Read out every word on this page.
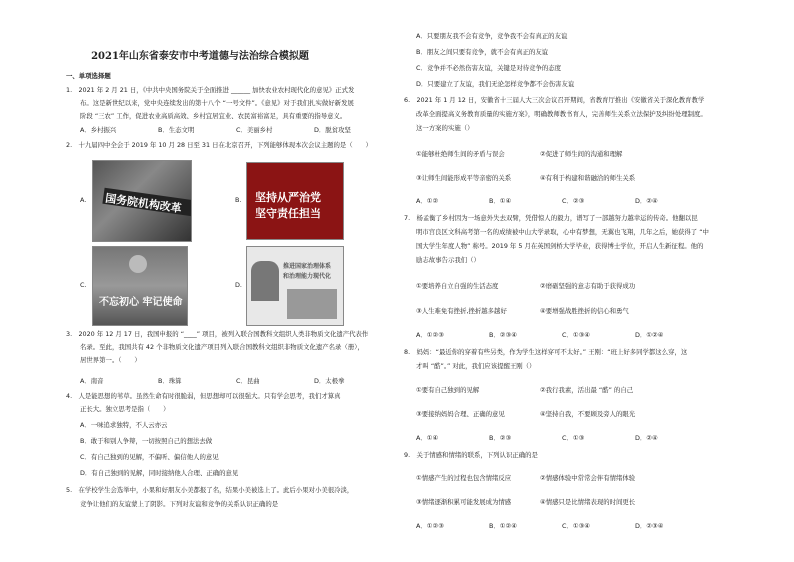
2021年山东省泰安市中考道德与法治综合模拟题
一、单项选择题
1.　2021 年 2 月 21 日，《中共中央国务院关于全面推进 ______ 加快农业农村现代化的意见》正式发
布。这是新世纪以来，党中央连续发出的第十八个 “一号文件”。《意见》对于我们扎实做好新发展
阶段 “三农” 工作，促进农业高质高效、乡村宜居宜业、农民富裕富足，具有重要的指导意义。
A．乡村振兴	B．生态文明	C．美丽乡村	D．脱贫攻坚
2.　十九届四中全会于 2019 年 10 月 28 日至 31 日在北京召开，下列能够体现本次会议主题的是（　　）
A. 国务院机构改革	B. 坚持从严治党
坚守责任担当
C.
不忘初心 牢记使命
D.
推进国家治理体系
和治理能力现代化
3.　2020 年 12 月 17 日，我国申报的 “____” 项目，被列入联合国教科文组织人类非物质文化遗产代表作
名录。至此，我国共有 42 个非物质文化遗产项目列入联合国教科文组织非物质文化遗产名录（册），
居世界第一。（　　）
A．南音	B．珠算	C．昆曲	D．太极拳
4.　人是能思想的苇草。虽然生命有时很脆弱，但思想却可以很强大。只有学会思考，我们才算真
正长大。独立思考是指（　　）
A．一味追求独特，不人云亦云
B．敢于和别人争辩，一切按照自己的想法去做
C．有自己独到的见解，不偏听、偏信他人的意见
D．有自己独到的见解，同时接纳他人合理、正确的意见
5.　在学校学生会选举中，小果和好朋友小美都报了名，结果小美被选上了。此后小果对小美很冷淡，
竞争让他们的友谊蒙上了阴影。下列对友谊和竞争的关系认识正确的是
A．只要朋友我不会有竞争，竞争我不会有真正的友谊
B．朋友之间只要有竞争，就不会有真正的友谊
C．竞争并不必然伤害友谊，关键是对待竞争的态度
D．只要建立了友谊，我们无论怎样竞争都不会伤害友谊
6.　2021 年 1 月 12 日，安徽省十三届人大三次会议召开期间，省教育厅推出《安徽省关于深化教育教学
改革全面提高义务教育质量的实施方案》，明确教师教书育人，完善师生关系立法保护及纠纷处理制度。
这一方案的实施（）
①能够杜绝师生间的矛盾与误会	②促进了师生间的沟通和理解
③让师生间能形成平等亲密的关系	④有利于构建和谐融洽的师生关系
A．①②	B．①④	C．②③	D．②④
7.　杨孟衡了乡村因为一场意外失去双臂，凭借惊人的毅力，谱写了一部越努力越幸运的传奇。他翻以昆
明市宫良区文科高考第一名的成绩被中山大学录取，心中有梦想，无翼也飞翔，几年之后，她获得了 “中
国大学生年度人物” 称号。2019 年 5 月在英国剑桥大学毕业，获得博士学位，开启人生新征程。他的
励志故事告示我们（）
①要培养自立自强的生活态度	②磨砺坚强的意志有助于获得成功
③人生难免有挫折,挫折越多越好	④要增强战胜挫折的信心和勇气
A．①②③	B．②③④	C．①③④	D．①②④
8.　妈妈：“最近你的穿着有些另类，作为学生这样穿可不太好。” 王刚：“班上好多同学都这么穿，这
才叫 “酷”。” 对此，我们应该提醒王刚（）
①要有自己独到的见解	②我行我素，活出最 “酷” 的自己
③要接纳妈妈合理、正确的意见	④坚持自我，不要顾及旁人的眼光
A．①④	B．②③	C．①③	D．②④
9.　关于情感和情绪的联系，下列认识正确的是
①情感产生的过程也包含情绪反应	②情感体验中常常会伴有情绪体验
③情绪逐渐积累可能发展成为情感	④情感只是比情绪表现的时间更长
A．①②③	B．①②④	C．①③④	D．②③④
